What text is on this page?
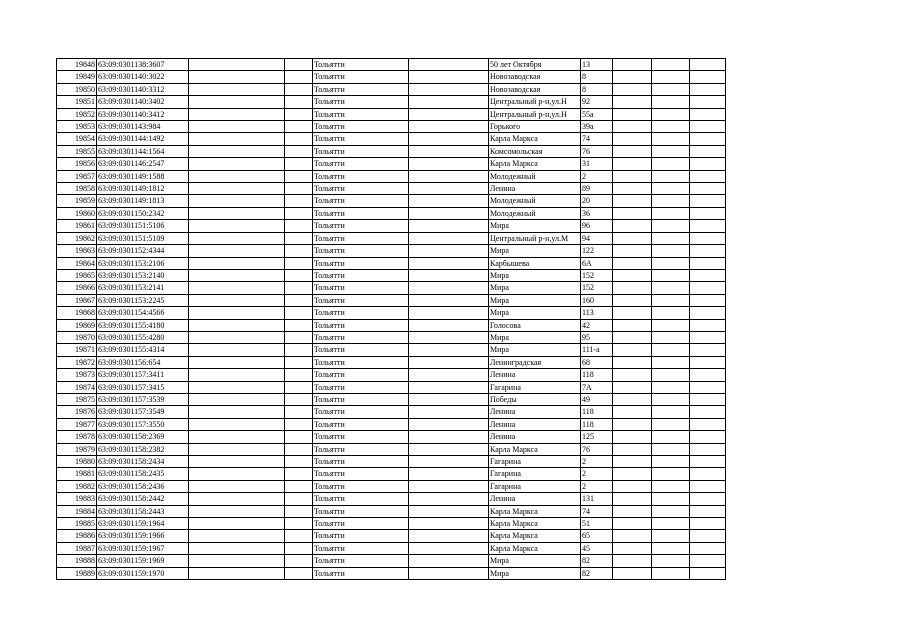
19848	63:09:0301138:3607			Тольятти		50 лет Октября	13			
19849	63:09:0301140:3022			Тольятти		Новозаводская	8			
19850	63:09:0301140:3312			Тольятти		Новозаводская	8			
19851	63:09:0301140:3402			Тольятти		Центральный р-н,ул.Н	92			
19852	63:09:0301140:3412			Тольятти		Центральный р-н,ул.Н	55а			
19853	63:09:0301143:984			Тольятти		Горького	39а			
19854	63:09:0301144:1492			Тольятти		Карла Маркса	74			
19855	63:09:0301144:1564			Тольятти		Комсомольская	76			
19856	63:09:0301146:2547			Тольятти		Карла Маркса	31			
19857	63:09:0301149:1588			Тольятти		Молодежный	2			
19858	63:09:0301149:1812			Тольятти		Ленина	89			
19859	63:09:0301149:1813			Тольятти		Молодежный	20			
19860	63:09:0301150:2342			Тольятти		Молодежный	36			
19861	63:09:0301151:5106			Тольятти		Мира	96			
19862	63:09:0301151:5109			Тольятти		Центральный р-н,ул.М	94			
19863	63:09:0301152:4344			Тольятти		Мира	122			
19864	63:09:0301153:2106			Тольятти		Карбышева	6А			
19865	63:09:0301153:2140			Тольятти		Мира	152			
19866	63:09:0301153:2141			Тольятти		Мира	152			
19867	63:09:0301153:2245			Тольятти		Мира	160			
19868	63:09:0301154:4566			Тольятти		Мира	113			
19869	63:09:0301155:4180			Тольятти		Голосова	42			
19870	63:09:0301155:4280			Тольятти		Мира	95			
19871	63:09:0301155:4314			Тольятти		Мира	111-а			
19872	63:09:0301156:654			Тольятти		Ленинградская	68			
19873	63:09:0301157:3411			Тольятти		Ленина	118			
19874	63:09:0301157:3415			Тольятти		Гагарина	7А			
19875	63:09:0301157:3539			Тольятти		Победы	49			
19876	63:09:0301157:3549			Тольятти		Ленина	118			
19877	63:09:0301157:3550			Тольятти		Ленина	118			
19878	63:09:0301158:2369			Тольятти		Ленина	125			
19879	63:09:0301158:2382			Тольятти		Карла Маркса	76			
19880	63:09:0301158:2434			Тольятти		Гагарина	2			
19881	63:09:0301158:2435			Тольятти		Гагарина	2			
19882	63:09:0301158:2436			Тольятти		Гагарина	2			
19883	63:09:0301158:2442			Тольятти		Ленина	131			
19884	63:09:0301158:2443			Тольятти		Карла Маркса	74			
19885	63:09:0301159:1964			Тольятти		Карла Маркса	51			
19886	63:09:0301159:1966			Тольятти		Карла Маркса	65			
19887	63:09:0301159:1967			Тольятти		Карла Маркса	45			
19888	63:09:0301159:1969			Тольятти		Мира	82			
19889	63:09:0301159:1970			Тольятти		Мира	82			
